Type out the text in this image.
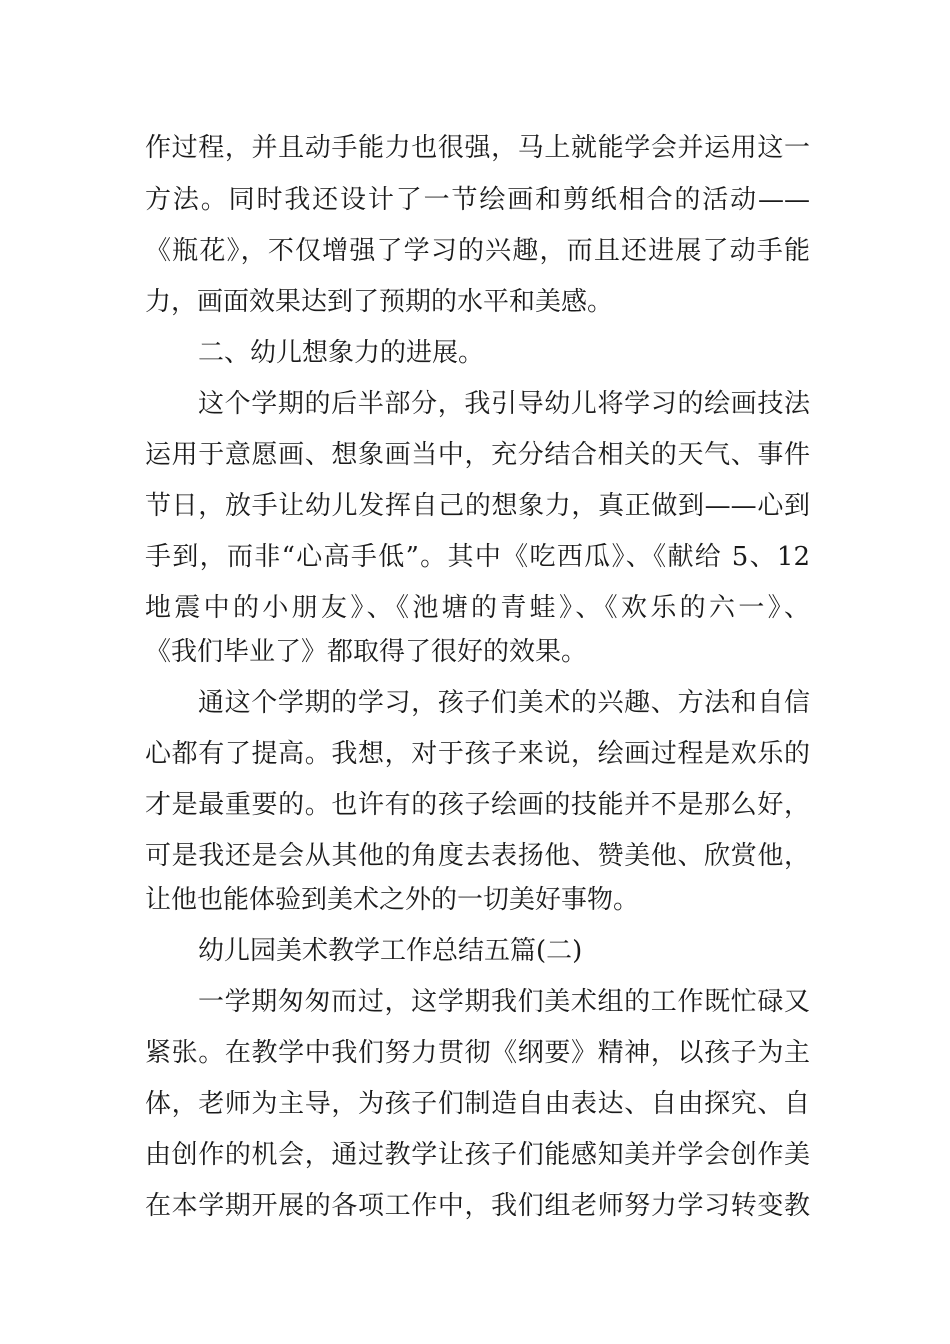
作过程，并且动手能力也很强，马上就能学会并运用这一
方法。同时我还设计了一节绘画和剪纸相合的活动——
《瓶花》，不仅增强了学习的兴趣，而且还进展了动手能
力，画面效果达到了预期的水平和美感。
二、幼儿想象力的进展。
这个学期的后半部分，我引导幼儿将学习的绘画技法
运用于意愿画、想象画当中，充分结合相关的天气、事件
节日，放手让幼儿发挥自己的想象力，真正做到——心到
手到，而非“心高手低”。其中《吃西瓜》、《献给 5、12
地震中的小朋友》、《池塘的青蛙》、《欢乐的六一》、
《我们毕业了》都取得了很好的效果。
通这个学期的学习，孩子们美术的兴趣、方法和自信
心都有了提高。我想，对于孩子来说，绘画过程是欢乐的
才是最重要的。也许有的孩子绘画的技能并不是那么好，
可是我还是会从其他的角度去表扬他、赞美他、欣赏他，
让他也能体验到美术之外的一切美好事物。
幼儿园美术教学工作总结五篇(二)
一学期匆匆而过，这学期我们美术组的工作既忙碌又
紧张。在教学中我们努力贯彻《纲要》精神，以孩子为主
体，老师为主导，为孩子们制造自由表达、自由探究、自
由创作的机会，通过教学让孩子们能感知美并学会创作美
在本学期开展的各项工作中，我们组老师努力学习转变教
